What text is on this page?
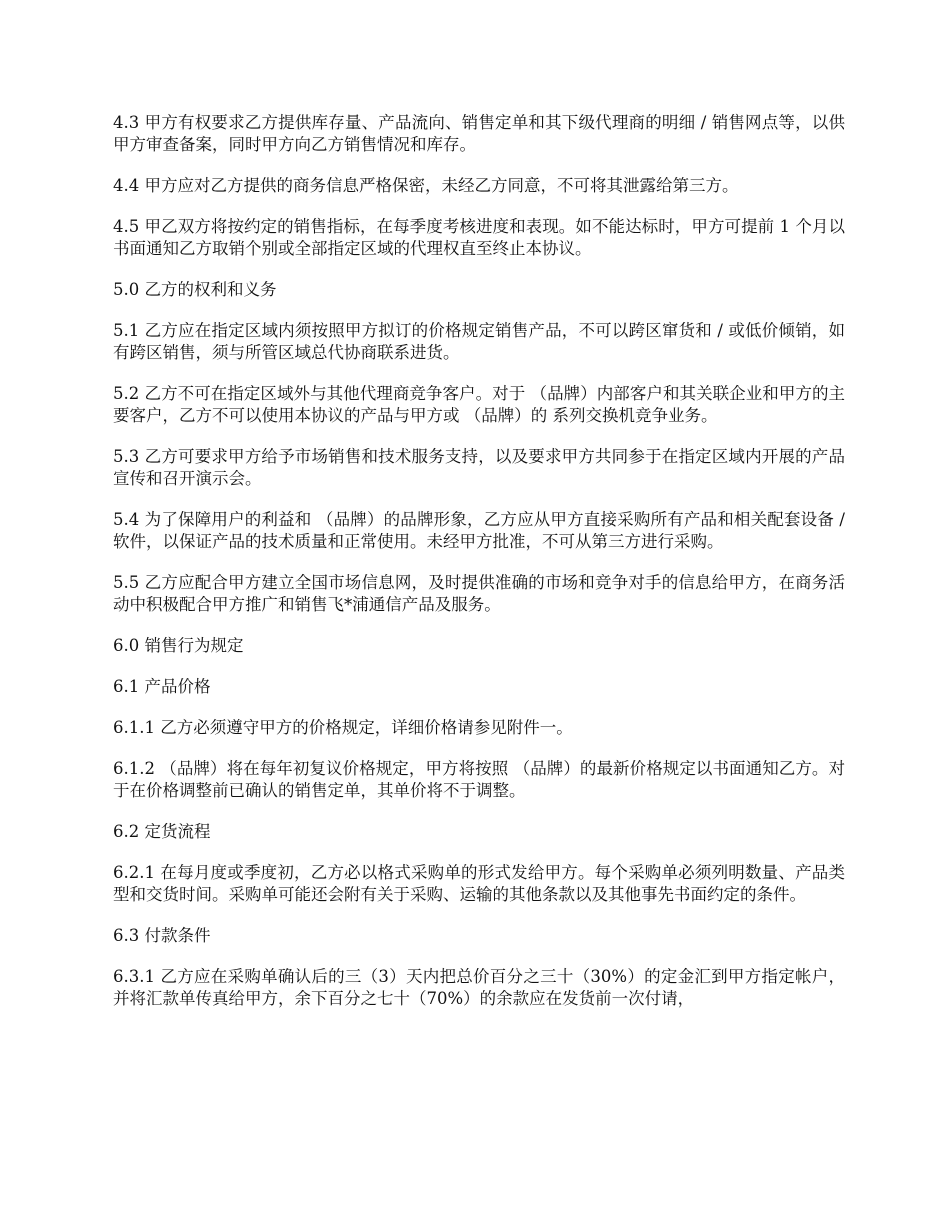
4.3 甲方有权要求乙方提供库存量、产品流向、销售定单和其下级代理商的明细 / 销售网点等，以供甲方审查备案，同时甲方向乙方销售情况和库存。

4.4 甲方应对乙方提供的商务信息严格保密，未经乙方同意，不可将其泄露给第三方。

4.5 甲乙双方将按约定的销售指标，在每季度考核进度和表现。如不能达标时，甲方可提前 1 个月以书面通知乙方取销个别或全部指定区域的代理权直至终止本协议。

5.0 乙方的权利和义务

5.1 乙方应在指定区域内须按照甲方拟订的价格规定销售产品，不可以跨区窜货和 / 或低价倾销，如有跨区销售，须与所管区域总代协商联系进货。

5.2 乙方不可在指定区域外与其他代理商竞争客户。对于 （品牌）内部客户和其关联企业和甲方的主要客户，乙方不可以使用本协议的产品与甲方或 （品牌）的 系列交换机竞争业务。

5.3 乙方可要求甲方给予市场销售和技术服务支持，以及要求甲方共同参于在指定区域内开展的产品宣传和召开演示会。

5.4 为了保障用户的利益和 （品牌）的品牌形象，乙方应从甲方直接采购所有产品和相关配套设备 / 软件，以保证产品的技术质量和正常使用。未经甲方批准，不可从第三方进行采购。

5.5 乙方应配合甲方建立全国市场信息网，及时提供准确的市场和竞争对手的信息给甲方，在商务活动中积极配合甲方推广和销售飞*浦通信产品及服务。

6.0 销售行为规定

6.1 产品价格

6.1.1 乙方必须遵守甲方的价格规定，详细价格请参见附件一。

6.1.2 （品牌）将在每年初复议价格规定，甲方将按照 （品牌）的最新价格规定以书面通知乙方。对于在价格调整前已确认的销售定单，其单价将不于调整。

6.2 定货流程

6.2.1 在每月度或季度初，乙方必以格式采购单的形式发给甲方。每个采购单必须列明数量、产品类型和交货时间。采购单可能还会附有关于采购、运输的其他条款以及其他事先书面约定的条件。

6.3 付款条件

6.3.1 乙方应在采购单确认后的三（3）天内把总价百分之三十（30%）的定金汇到甲方指定帐户，并将汇款单传真给甲方，余下百分之七十（70%）的余款应在发货前一次付请，
